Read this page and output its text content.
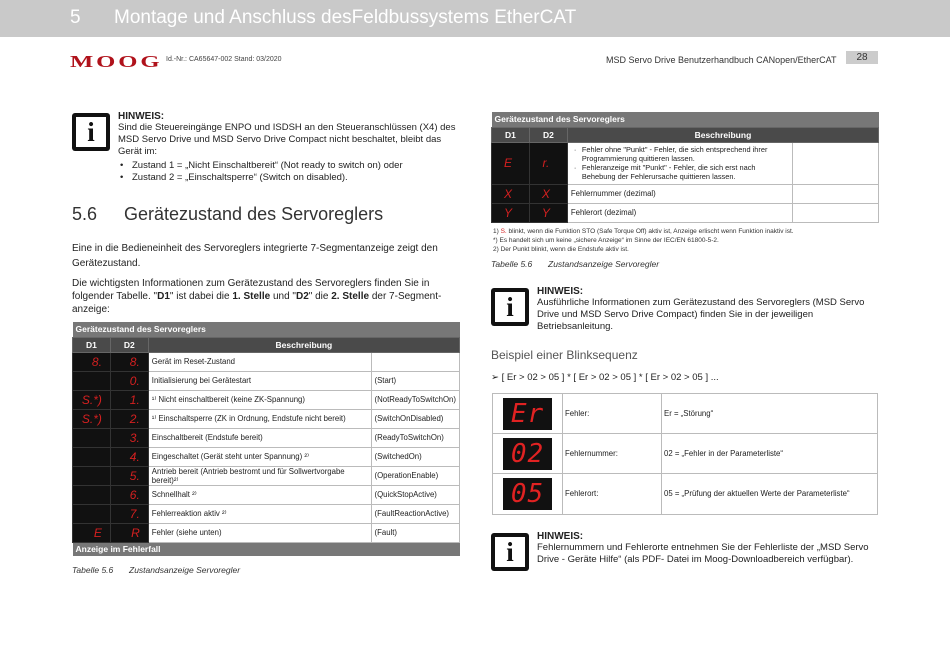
5 Montage und Anschluss desFeldbussystems EtherCAT
MOOG Id.-Nr.: CA65647-002 Stand: 03/2020	MSD Servo Drive Benutzerhandbuch CANopen/EtherCAT	28
i
HINWEIS:
Sind die Steuereingänge ENPO und ISDSH an den Steueranschlüssen (X4) des MSD Servo Drive und MSD Servo Drive Compact nicht beschaltet, bleibt das Gerät im:
• Zustand 1 = „Nicht Einschaltbereit“ (Not ready to switch on) oder
• Zustand 2 = „Einschaltsperre“ (Switch on disabled).
5.6 Gerätezustand des Servoreglers
Eine in die Bedieneinheit des Servoreglers integrierte 7-Segmentanzeige zeigt den Gerätezustand.
Die wichtigsten Informationen zum Gerätezustand des Servoreglers finden Sie in folgender Tabelle. "D1" ist dabei die 1. Stelle und "D2" die 2. Stelle der 7-Segment-anzeige:
Gerätezustand des Servoreglers			
D1	D2	Beschreibung	
8.	8.	Gerät im Reset-Zustand	
	0.	Initialisierung bei Gerätestart	(Start)
S.*)	1.	¹⁾ Nicht einschaltbereit (keine ZK-Spannung)	(NotReadyToSwitchOn)
S.*)	2.	¹⁾ Einschaltsperre (ZK in Ordnung, Endstufe nicht bereit)	(SwitchOnDisabled)
	3.	Einschaltbereit (Endstufe bereit)	(ReadyToSwitchOn)
	4.	Eingeschaltet (Gerät steht unter Spannung) ²⁾	(SwitchedOn)
	5.	Antrieb bereit (Antrieb bestromt und für Sollwertvorgabe bereit)²⁾	(OperationEnable)
	6.	Schnellhalt ²⁾	(QuickStopActive)
	7.	Fehlerreaktion aktiv ²⁾	(FaultReactionActive)
E	R	Fehler (siehe unten)	(Fault)
Anzeige im Fehlerfall			
Tabelle 5.6 Zustandsanzeige Servoregler
Gerätezustand des Servoreglers			
D1	D2	Beschreibung	
E	r.	· Fehler ohne "Punkt" - Fehler, die sich entsprechend ihrer Programmierung quittieren lassen.
· Fehleranzeige mit "Punkt" - Fehler, die sich erst nach Behebung der Fehlerursache quittieren lassen.	

X	X	Fehlernummer (dezimal)	
Y	Y	Fehlerort (dezimal)	
1) S. blinkt, wenn die Funktion STO (Safe Torque Off) aktiv ist, Anzeige erlischt wenn Funktion inaktiv ist.
*) Es handelt sich um keine „sichere Anzeige“ im Sinne der IEC/EN 61800-5-2.
2) Der Punkt blinkt, wenn die Endstufe aktiv ist.
Tabelle 5.6 Zustandsanzeige Servoregler
i
HINWEIS:
Ausführliche Informationen zum Gerätezustand des Servoreglers (MSD Servo Drive und MSD Servo Drive Compact) finden Sie in der jeweiligen Betriebsanleitung.
Beispiel einer Blinksequenz
➢ [ Er > 02 > 05 ] * [ Er > 02 > 05 ] * [ Er > 02 > 05 ] ...
Er	Fehler:	Er = „Störung“
02	Fehlernummer:	02 = „Fehler in der Parameterliste“
05	Fehlerort:	05 = „Prüfung der aktuellen Werte der Parameterliste“
i
HINWEIS:
Fehlernummern und Fehlerorte entnehmen Sie der Fehlerliste der „MSD Servo Drive - Geräte Hilfe“ (als PDF- Datei im Moog-Downloadbereich verfügbar).
